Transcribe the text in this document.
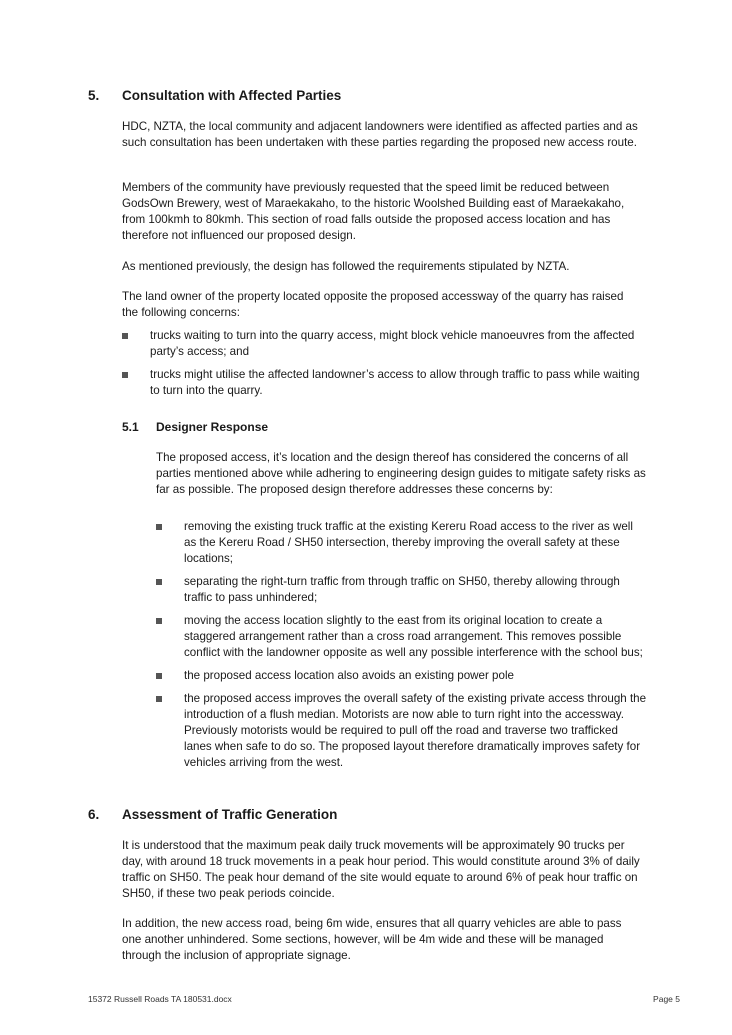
5. Consultation with Affected Parties

HDC, NZTA, the local community and adjacent landowners were identified as affected parties and as such consultation has been undertaken with these parties regarding the proposed new access route.

Members of the community have previously requested that the speed limit be reduced between GodsOwn Brewery, west of Maraekakaho, to the historic Woolshed Building east of Maraekakaho, from 100kmh to 80kmh. This section of road falls outside the proposed access location and has therefore not influenced our proposed design.

As mentioned previously, the design has followed the requirements stipulated by NZTA.

The land owner of the property located opposite the proposed accessway of the quarry has raised the following concerns:

trucks waiting to turn into the quarry access, might block vehicle manoeuvres from the affected party’s access; and
trucks might utilise the affected landowner’s access to allow through traffic to pass while waiting to turn into the quarry.
5.1 Designer Response

The proposed access, it’s location and the design thereof has considered the concerns of all parties mentioned above while adhering to engineering design guides to mitigate safety risks as far as possible. The proposed design therefore addresses these concerns by:

removing the existing truck traffic at the existing Kereru Road access to the river as well as the Kereru Road / SH50 intersection, thereby improving the overall safety at these locations;
separating the right-turn traffic from through traffic on SH50, thereby allowing through traffic to pass unhindered;
moving the access location slightly to the east from its original location to create a staggered arrangement rather than a cross road arrangement. This removes possible conflict with the landowner opposite as well any possible interference with the school bus;
the proposed access location also avoids an existing power pole
the proposed access improves the overall safety of the existing private access through the introduction of a flush median. Motorists are now able to turn right into the accessway. Previously motorists would be required to pull off the road and traverse two trafficked lanes when safe to do so. The proposed layout therefore dramatically improves safety for vehicles arriving from the west.
6. Assessment of Traffic Generation

It is understood that the maximum peak daily truck movements will be approximately 90 trucks per day, with around 18 truck movements in a peak hour period. This would constitute around 3% of daily traffic on SH50. The peak hour demand of the site would equate to around 6% of peak hour traffic on SH50, if these two peak periods coincide.

In addition, the new access road, being 6m wide, ensures that all quarry vehicles are able to pass one another unhindered. Some sections, however, will be 4m wide and these will be managed through the inclusion of appropriate signage.

15372 Russell Roads TA 180531.docx	Page 5
